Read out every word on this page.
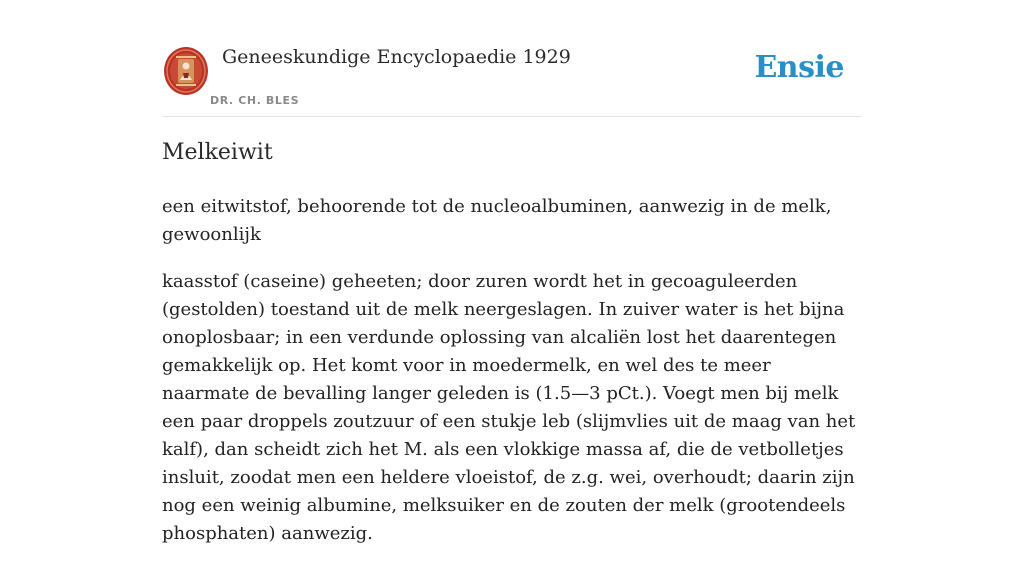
Geneeskundige Encyclopaedie 1929
DR. CH. BLES
Ensie
Melkeiwit

een eitwitstof, behoorende tot de nucleoalbuminen, aanwezig in de melk, gewoonlijk

kaasstof (caseine) geheeten; door zuren wordt het in gecoaguleerden (gestolden) toestand uit de melk neergeslagen. In zuiver water is het bijna onoplosbaar; in een verdunde oplossing van alcaliën lost het daarentegen gemakkelijk op. Het komt voor in moedermelk, en wel des te meer naarmate de bevalling langer geleden is (1.5—3 pCt.). Voegt men bij melk een paar droppels zoutzuur of een stukje leb (slijmvlies uit de maag van het kalf), dan scheidt zich het M. als een vlokkige massa af, die de vetbolletjes insluit, zoodat men een heldere vloeistof, de z.g. wei, overhoudt; daarin zijn nog een weinig albumine, melksuiker en de zouten der melk (grootendeels phosphaten) aanwezig.
